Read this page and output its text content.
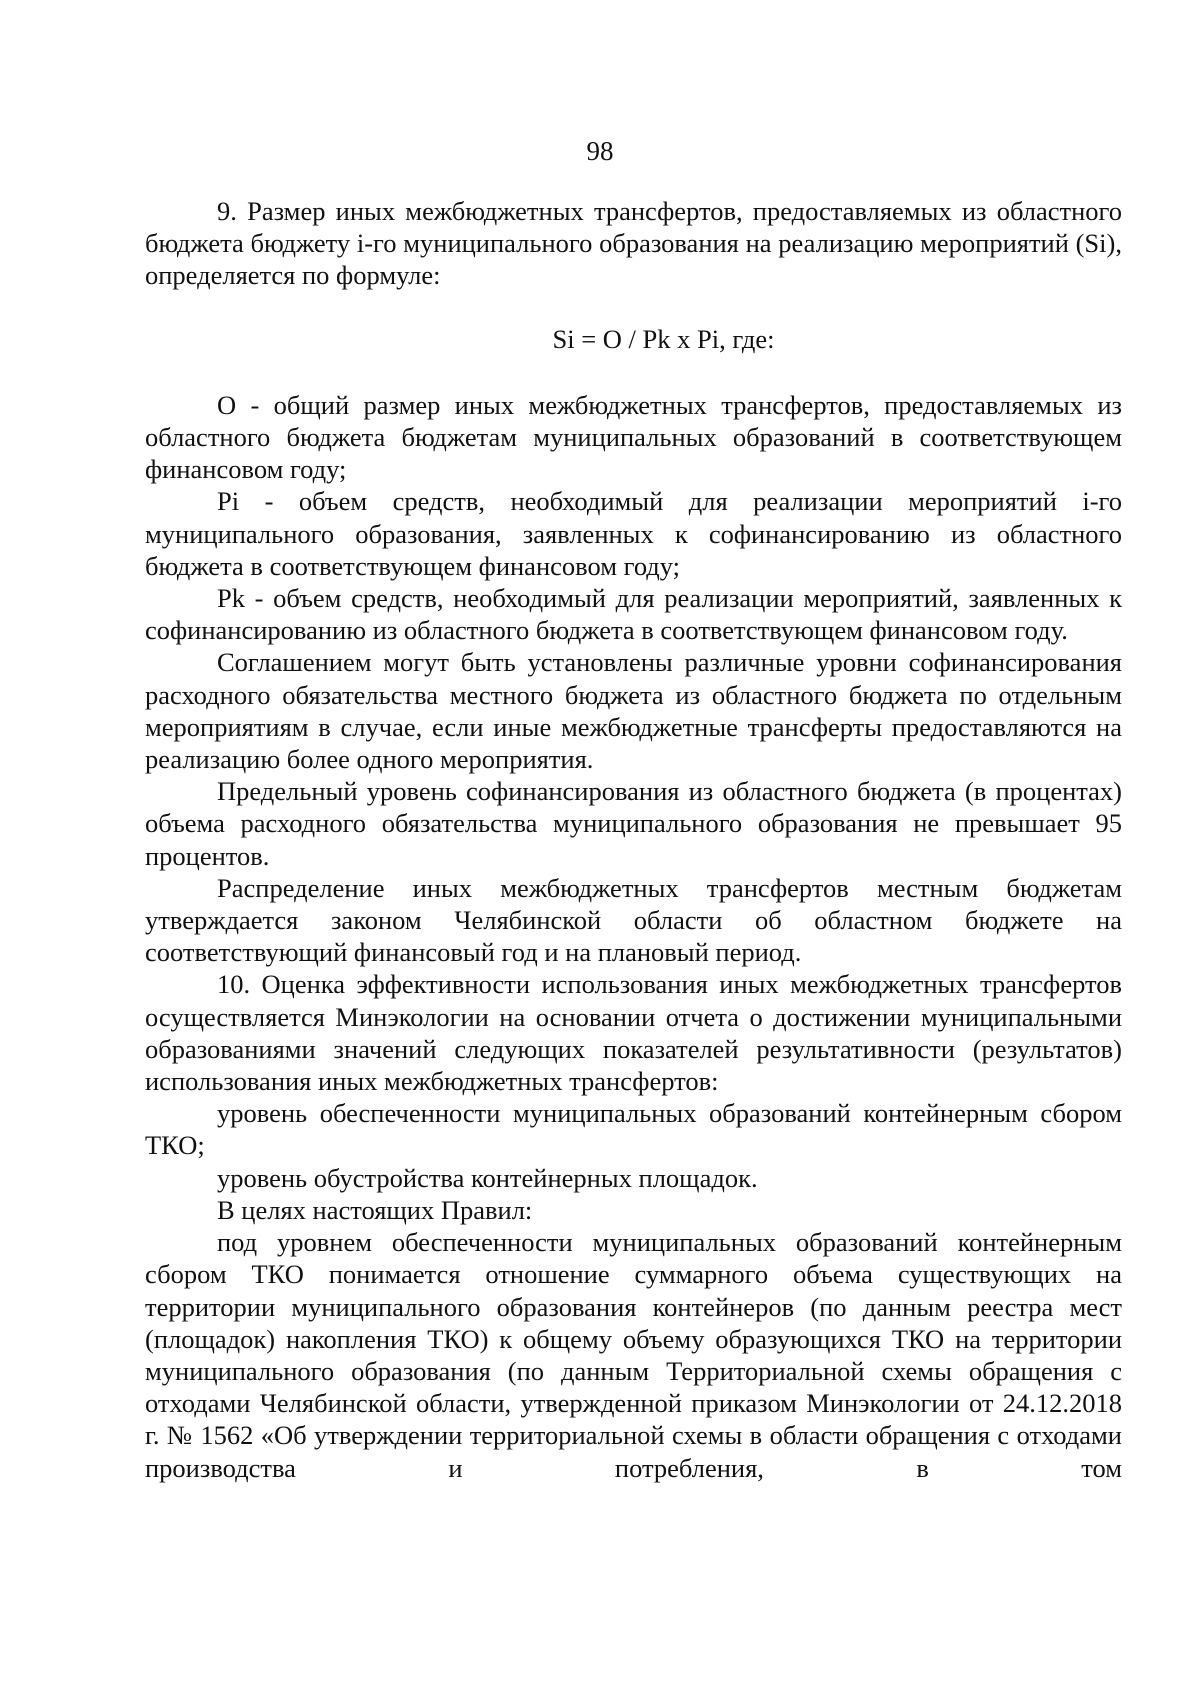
98

9. Размер иных межбюджетных трансфертов, предоставляемых из областного бюджета бюджету i-го муниципального образования на реализацию мероприятий (Si), определяется по формуле:

Si = O / Pk x Pi, где:

О - общий размер иных межбюджетных трансфертов, предоставляемых из областного бюджета бюджетам муниципальных образований в соответствующем финансовом году;

Pi - объем средств, необходимый для реализации мероприятий i-го муниципального образования, заявленных к софинансированию из областного бюджета в соответствующем финансовом году;

Pk - объем средств, необходимый для реализации мероприятий, заявленных к софинансированию из областного бюджета в соответствующем финансовом году.

Соглашением могут быть установлены различные уровни софинансирования расходного обязательства местного бюджета из областного бюджета по отдельным мероприятиям в случае, если иные межбюджетные трансферты предоставляются на реализацию более одного мероприятия.

Предельный уровень софинансирования из областного бюджета (в процентах) объема расходного обязательства муниципального образования не превышает 95 процентов.

Распределение иных межбюджетных трансфертов местным бюджетам утверждается законом Челябинской области об областном бюджете на соответствующий финансовый год и на плановый период.

10. Оценка эффективности использования иных межбюджетных трансфертов осуществляется Минэкологии на основании отчета о достижении муниципальными образованиями значений следующих показателей результативности (результатов) использования иных межбюджетных трансфертов:

уровень обеспеченности муниципальных образований контейнерным сбором ТКО;

уровень обустройства контейнерных площадок.

В целях настоящих Правил:

под уровнем обеспеченности муниципальных образований контейнерным сбором ТКО понимается отношение суммарного объема существующих на территории муниципального образования контейнеров (по данным реестра мест (площадок) накопления ТКО) к общему объему образующихся ТКО на территории муниципального образования (по данным Территориальной схемы обращения с отходами Челябинской области, утвержденной приказом Минэкологии от 24.12.2018 г. № 1562 «Об утверждении территориальной схемы в области обращения с отходами производства и потребления, в том
